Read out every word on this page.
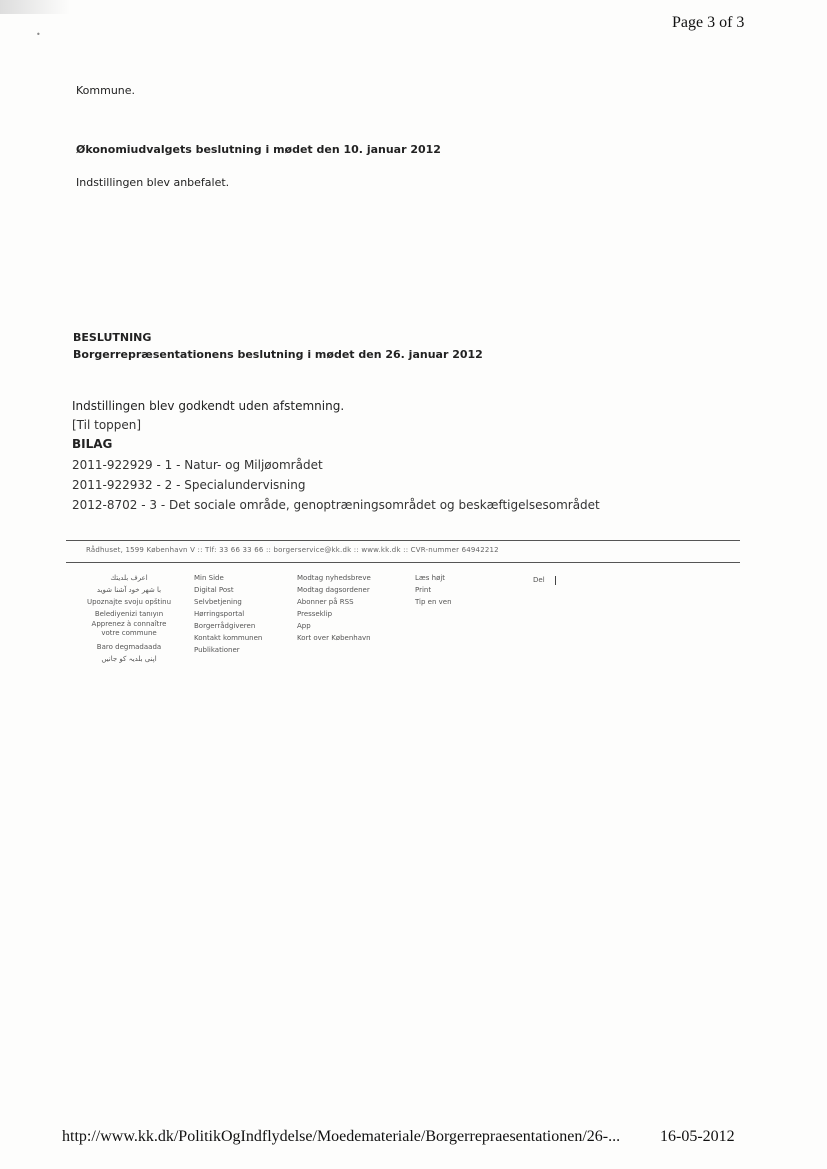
•
Page 3 of 3
Kommune.
Økonomiudvalgets beslutning i mødet den 10. januar 2012
Indstillingen blev anbefalet.
BESLUTNING
Borgerrepræsentationens beslutning i mødet den 26. januar 2012
Indstillingen blev godkendt uden afstemning.
[Til toppen]
BILAG
2011-922929 - 1 - Natur- og Miljøområdet
2011-922932 - 2 - Specialundervisning
2012-8702 - 3 - Det sociale område, genoptræningsområdet og beskæftigelsesområdet
Rådhuset, 1599 København V :: Tlf: 33 66 33 66 :: borgerservice@kk.dk :: www.kk.dk :: CVR-nummer 64942212
اعرف بلديتك
با شهر خود آشنا شوید
Upoznajte svoju opštinu
Belediyenizi tanıyın
Apprenez à connaître votre commune
Baro degmadaada
اپنی بلدیہ کو جانیں
Min Side
Digital Post
Selvbetjening
Hørringsportal
Borgerrådgiveren
Kontakt kommunen
Publikationer
Modtag nyhedsbreve
Modtag dagsordener
Abonner på RSS
Presseklip
App
Kort over København
Læs højt
Print
Tip en ven
Del
http://www.kk.dk/PolitikOgIndflydelse/Moedemateriale/Borgerrepraesentationen/26-... 16-05-2012
